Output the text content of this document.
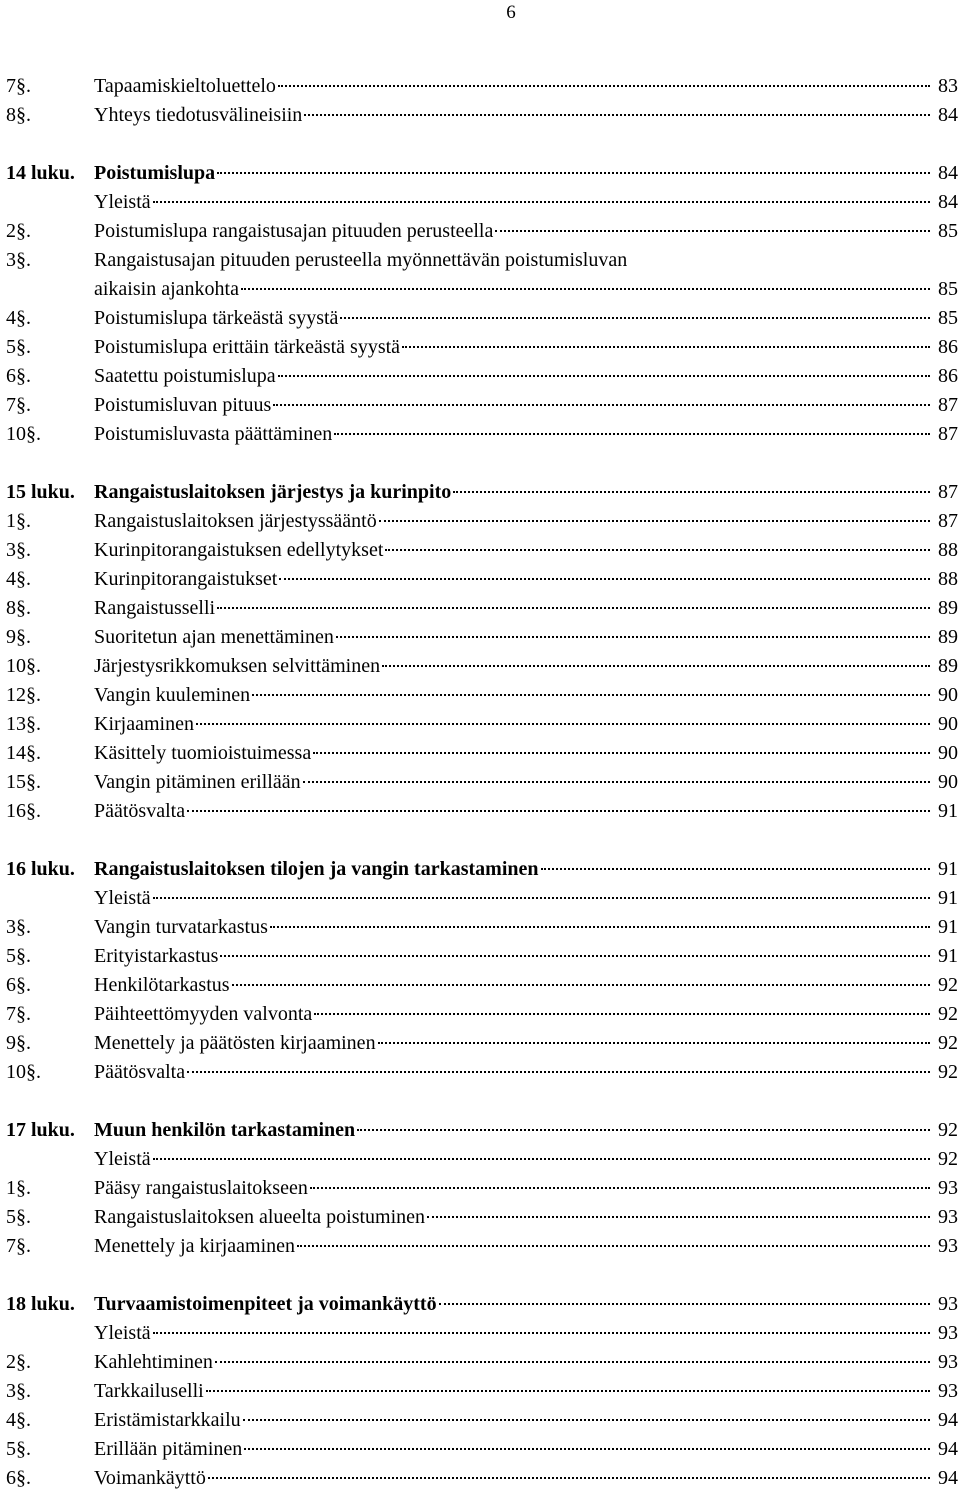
6
7§.	Tapaamiskieltoluettelo	83
8§.	Yhteys tiedotusvälineisiin	84
14 luku. Poistumislupa	84
Yleistä	84
2§.	Poistumislupa rangaistusajan pituuden perusteella	85
3§.	Rangaistusajan pituuden perusteella myönnettävän poistumisluvan
aikaisin ajankohta	85
4§.	Poistumislupa tärkeästä syystä	85
5§.	Poistumislupa erittäin tärkeästä syystä	86
6§.	Saatettu poistumislupa	86
7§.	Poistumisluvan pituus	87
10§.	Poistumisluvasta päättäminen	87
15 luku. Rangaistuslaitoksen järjestys ja kurinpito	87
1§.	Rangaistuslaitoksen järjestyssääntö	87
3§.	Kurinpitorangaistuksen edellytykset	88
4§.	Kurinpitorangaistukset	88
8§.	Rangaistusselli	89
9§.	Suoritetun ajan menettäminen	89
10§.	Järjestysrikkomuksen selvittäminen	89
12§.	Vangin kuuleminen	90
13§.	Kirjaaminen	90
14§.	Käsittely tuomioistuimessa	90
15§.	Vangin pitäminen erillään	90
16§.	Päätösvalta	91
16 luku. Rangaistuslaitoksen tilojen ja vangin tarkastaminen	91
Yleistä	91
3§.	Vangin turvatarkastus	91
5§.	Erityistarkastus	91
6§.	Henkilötarkastus	92
7§.	Päihteettömyyden valvonta	92
9§.	Menettely ja päätösten kirjaaminen	92
10§.	Päätösvalta	92
17 luku. Muun henkilön tarkastaminen	92
Yleistä	92
1§.	Pääsy rangaistuslaitokseen	93
5§.	Rangaistuslaitoksen alueelta poistuminen	93
7§.	Menettely ja kirjaaminen	93
18 luku. Turvaamistoimenpiteet ja voimankäyttö	93
Yleistä	93
2§.	Kahlehtiminen	93
3§.	Tarkkailuselli	93
4§.	Eristämistarkkailu	94
5§.	Erillään pitäminen	94
6§.	Voimankäyttö	94
